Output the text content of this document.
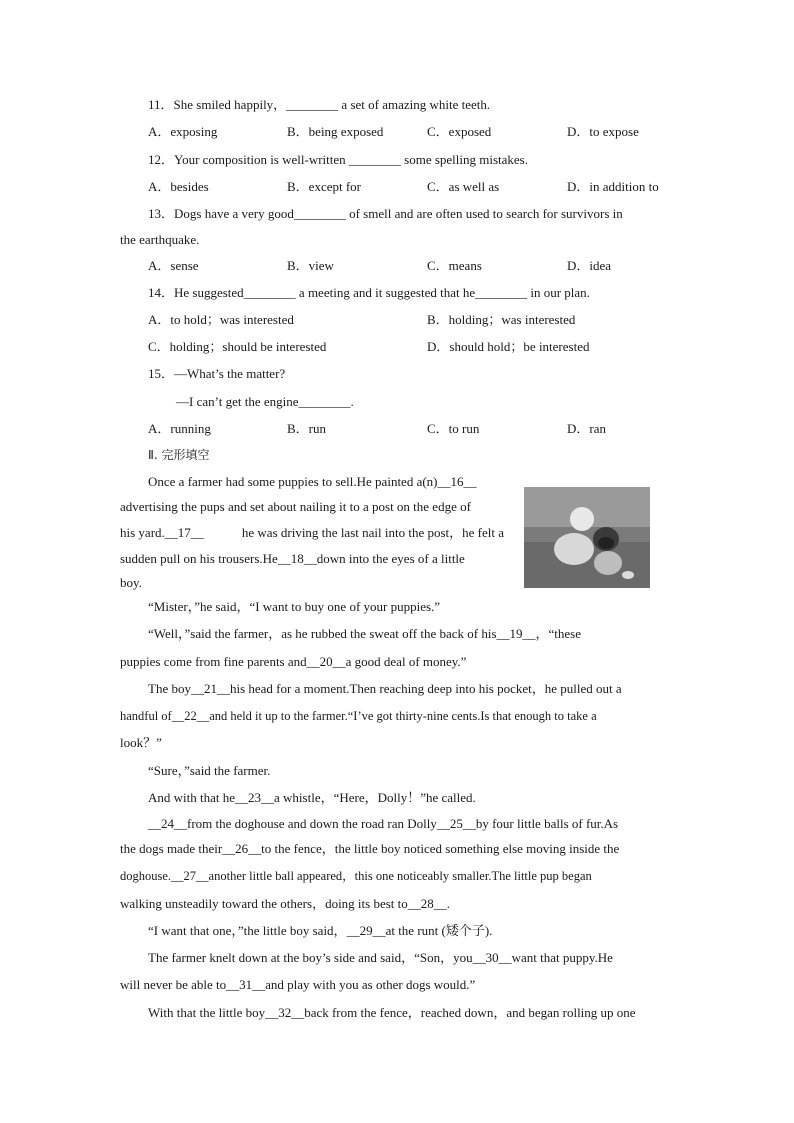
11．She smiled happily，________ a set of amazing white teeth.
A．exposing	B．being exposed	C．exposed	D．to expose
12．Your composition is well-written ________ some spelling mistakes.
A．besides	B．except for	C．as well as	D．in addition to
13．Dogs have a very good________ of smell and are often used to search for survivors in
the earthquake.
A．sense	B．view	C．means	D．idea
14．He suggested________ a meeting and it suggested that he________ in our plan.
A．to hold；was interested	B．holding；was interested
C．holding；should be interested	D．should hold；be interested
15．—What’s the matter?
—I can’t get the engine________.
A．running	B．run	C．to run	D．ran
Ⅱ. 完形填空
Once a farmer had some puppies to sell.He painted a(n)__16__
advertising the pups and set about nailing it to a post on the edge of
his yard.__17__	he was driving the last nail into the post，he felt a
sudden pull on his trousers.He__18__down into the eyes of a little
boy.
“Mister，”he said，“I want to buy one of your puppies.”
“Well，”said the farmer，as he rubbed the sweat off the back of his__19__，“these
puppies come from fine parents and__20__a good deal of money.”
The boy__21__his head for a moment.Then reaching deep into his pocket，he pulled out a
handful of__22__and held it up to the farmer.“I’ve got thirty-nine cents.Is that enough to take a
look？”
“Sure，”said the farmer.
And with that he__23__a whistle，“Here，Dolly！”he called.
__24__from the doghouse and down the road ran Dolly__25__by four little balls of fur.As
the dogs made their__26__to the fence，the little boy noticed something else moving inside the
doghouse.__27__another little ball appeared，this one noticeably smaller.The little pup began
walking unsteadily toward the others，doing its best to__28__.
“I want that one，”the little boy said，__29__at the runt (矮个子).
The farmer knelt down at the boy’s side and said，“Son，you__30__want that puppy.He
will never be able to__31__and play with you as other dogs would.”
With that the little boy__32__back from the fence，reached down，and began rolling up one
